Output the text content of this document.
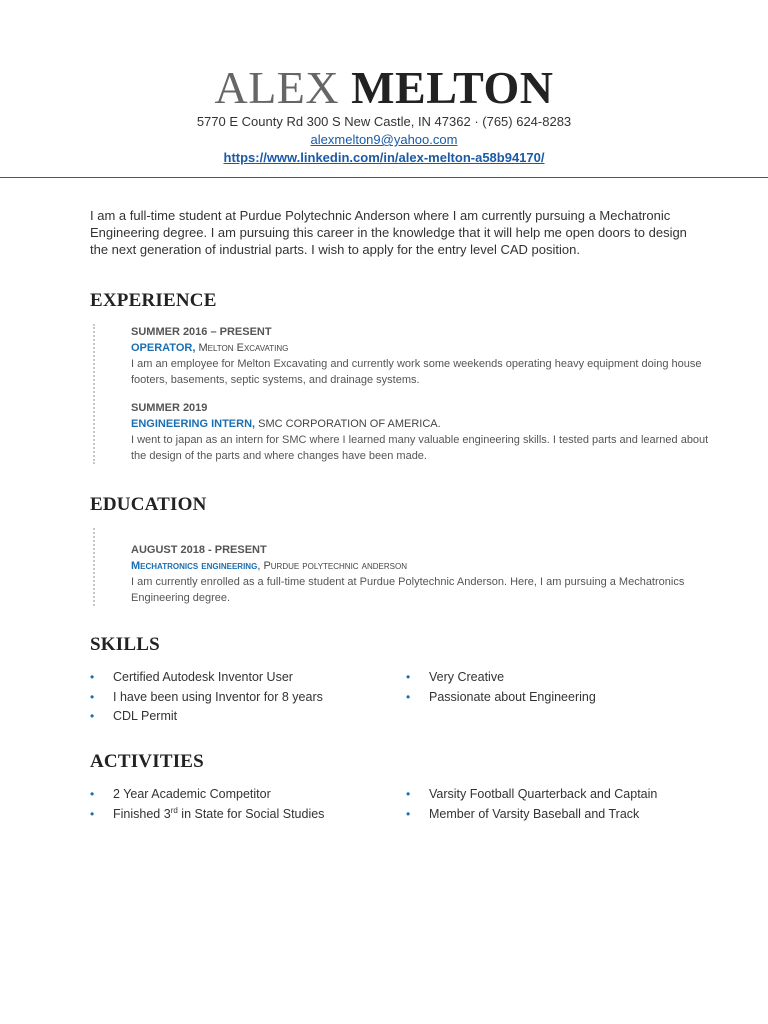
ALEX MELTON
5770 E County Rd 300 S New Castle, IN 47362 · (765) 624-8283
alexmelton9@yahoo.com
https://www.linkedin.com/in/alex-melton-a58b94170/
I am a full-time student at Purdue Polytechnic Anderson where I am currently pursuing a Mechatronic Engineering degree. I am pursuing this career in the knowledge that it will help me open doors to design the next generation of industrial parts. I wish to apply for the entry level CAD position.
EXPERIENCE
SUMMER 2016 – PRESENT
OPERATOR, Melton Excavating
I am an employee for Melton Excavating and currently work some weekends operating heavy equipment doing house footers, basements, septic systems, and drainage systems.
SUMMER 2019
ENGINEERING INTERN, SMC CORPORATION OF AMERICA.
I went to japan as an intern for SMC where I learned many valuable engineering skills. I tested parts and learned about the design of the parts and where changes have been made.
EDUCATION
AUGUST 2018 - PRESENT
Mechatronics engineering, Purdue polytechnic anderson
I am currently enrolled as a full-time student at Purdue Polytechnic Anderson. Here, I am pursuing a Mechatronics Engineering degree.
SKILLS
• Certified Autodesk Inventor User
• I have been using Inventor for 8 years
• CDL Permit
• Very Creative
• Passionate about Engineering
ACTIVITIES
• 2 Year Academic Competitor
• Finished 3rd in State for Social Studies
• Varsity Football Quarterback and Captain
• Member of Varsity Baseball and Track
